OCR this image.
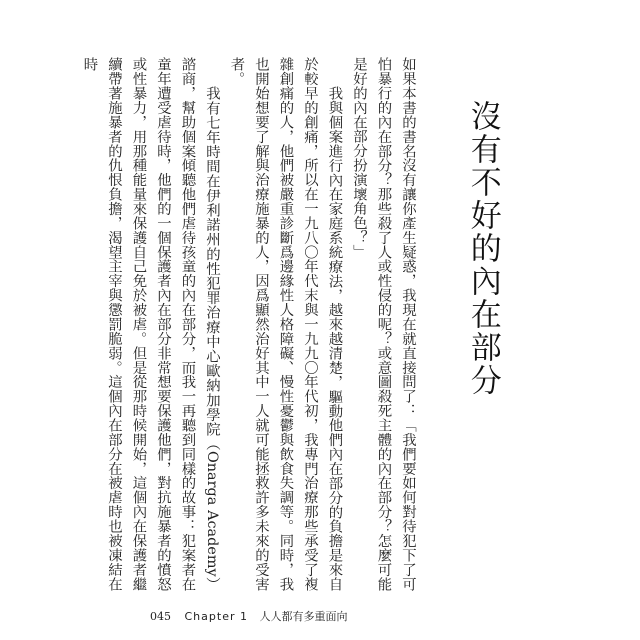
沒有不好的內在部分

如果本書的書名沒有讓你產生疑惑，我現在就直接問了：「我們要如何對待犯下了可怕暴行的內在部分？那些殺了人或性侵的呢？或意圖殺死主體的內在部分？怎麼可能是好的內在部分扮演壞角色？」

我與個案進行內在家庭系統療法，越來越清楚，驅動他們內在部分的負擔是來自於較早的創痛，所以在一九八〇年代末與一九九〇年代初，我專門治療那些承受了複雜創痛的人，他們被嚴重診斷爲邊緣性人格障礙、慢性憂鬱與飲食失調等。同時，我也開始想要了解與治療施暴的人，因爲顯然治好其中一人就可能拯救許多未來的受害者。

我有七年時間在伊利諾州的性犯罪治療中心歐納加學院（Onarga Academy）諮商，幫助個案傾聽他們虐待孩童的內在部分，而我一再聽到同樣的故事：犯案者在童年遭受虐待時，他們的一個保護者內在部分非常想要保護他們，對抗施暴者的憤怒或性暴力，用那種能量來保護自己免於被虐。但是從那時候開始，這個內在保護者繼續帶著施暴者的仇恨負擔，渴望主宰與懲罰脆弱。這個內在部分在被虐時也被凍結在時

045 Chapter 1 人人都有多重面向
